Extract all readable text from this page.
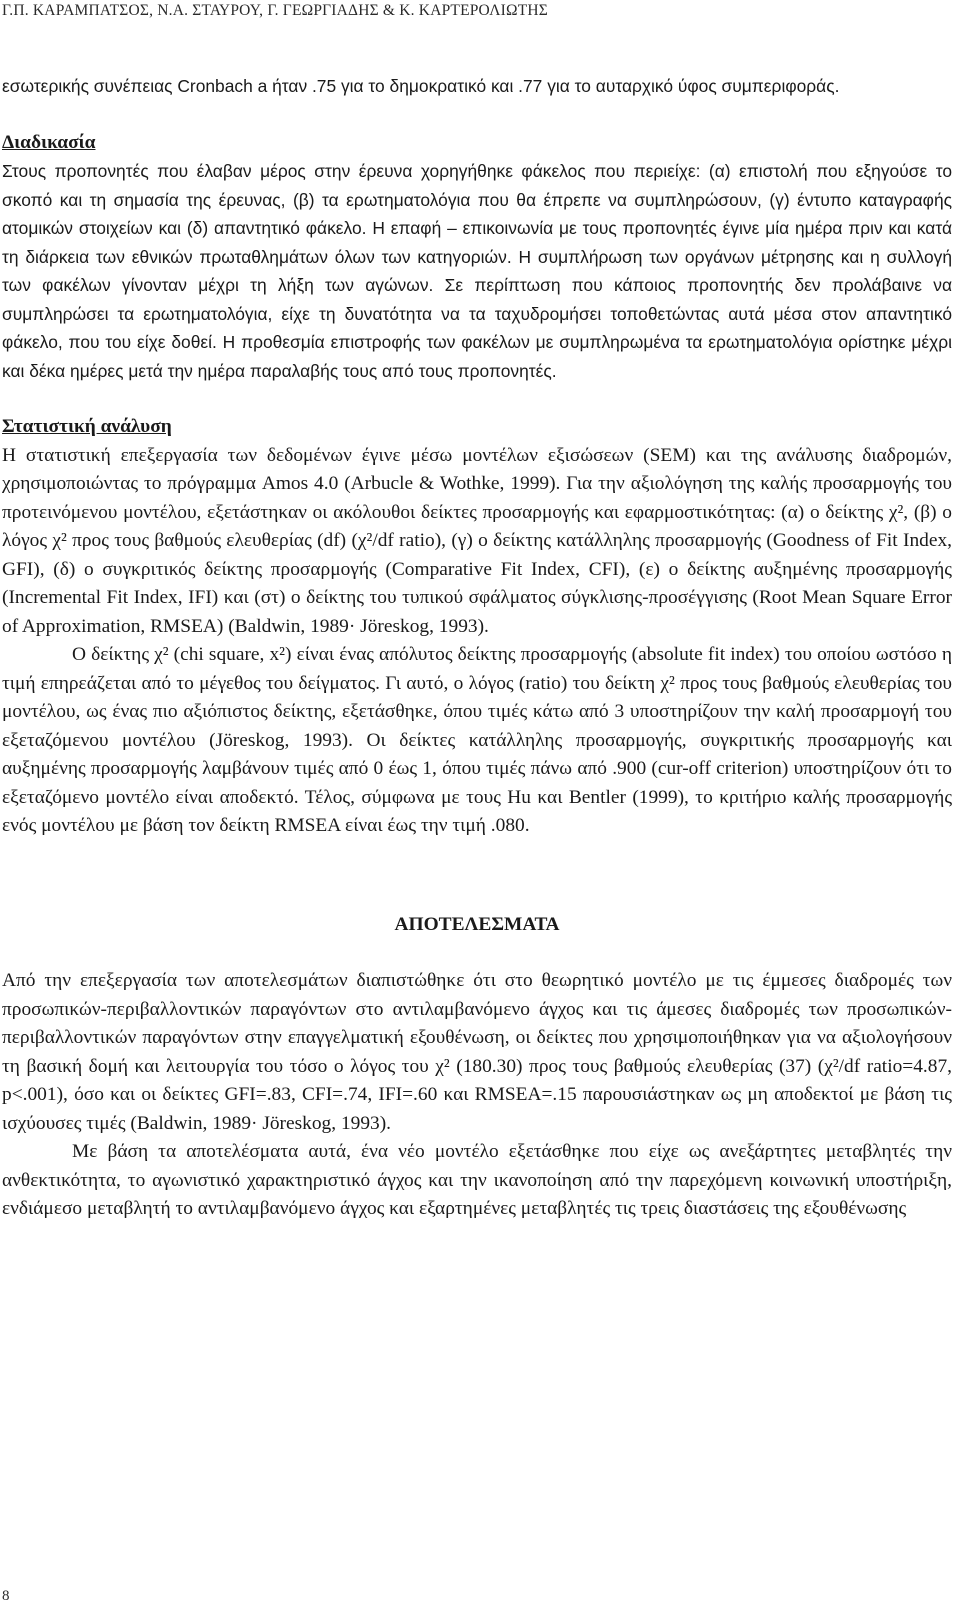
Γ.Π. ΚΑΡΑΜΠΑΤΣΟΣ, Ν.Α. ΣΤΑΥΡΟΥ, Γ. ΓΕΩΡΓΙΑΔΗΣ & Κ. ΚΑΡΤΕΡΟΛΙΩΤΗΣ

εσωτερικής συνέπειας Cronbach a ήταν .75 για το δημοκρατικό και .77 για το αυταρχικό ύφος συμπεριφοράς.

Διαδικασία

Στους προπονητές που έλαβαν μέρος στην έρευνα χορηγήθηκε φάκελος που περιείχε: (α) επιστολή που εξηγούσε το σκοπό και τη σημασία της έρευνας, (β) τα ερωτηματολόγια που θα έπρεπε να συμπληρώσουν, (γ) έντυπο καταγραφής ατομικών στοιχείων και (δ) απαντητικό φάκελο. Η επαφή – επικοινωνία με τους προπονητές έγινε μία ημέρα πριν και κατά τη διάρκεια των εθνικών πρωταθλημάτων όλων των κατηγοριών. Η συμπλήρωση των οργάνων μέτρησης και η συλλογή των φακέλων γίνονταν μέχρι τη λήξη των αγώνων. Σε περίπτωση που κάποιος προπονητής δεν προλάβαινε να συμπληρώσει τα ερωτηματολόγια, είχε τη δυνατότητα να τα ταχυδρομήσει τοποθετώντας αυτά μέσα στον απαντητικό φάκελο, που του είχε δοθεί. Η προθεσμία επιστροφής των φακέλων με συμπληρωμένα τα ερωτηματολόγια ορίστηκε μέχρι και δέκα ημέρες μετά την ημέρα παραλαβής τους από τους προπονητές.

Στατιστική ανάλυση

Η στατιστική επεξεργασία των δεδομένων έγινε μέσω μοντέλων εξισώσεων (SEM) και της ανάλυσης διαδρομών, χρησιμοποιώντας το πρόγραμμα Amos 4.0 (Arbucle & Wothke, 1999). Για την αξιολόγηση της καλής προσαρμογής του προτεινόμενου μοντέλου, εξετάστηκαν οι ακόλουθοι δείκτες προσαρμογής και εφαρμοστικότητας: (α) ο δείκτης χ², (β) ο λόγος χ² προς τους βαθμούς ελευθερίας (df) (χ²/df ratio), (γ) ο δείκτης κατάλληλης προσαρμογής (Goodness of Fit Index, GFI), (δ) ο συγκριτικός δείκτης προσαρμογής (Comparative Fit Index, CFI), (ε) ο δείκτης αυξημένης προσαρμογής (Incremental Fit Index, IFI) και (στ) ο δείκτης του τυπικού σφάλματος σύγκλισης-προσέγγισης (Root Mean Square Error of Approximation, RMSEA) (Baldwin, 1989· Jöreskog, 1993).

Ο δείκτης χ² (chi square, x²) είναι ένας απόλυτος δείκτης προσαρμογής (absolute fit index) του οποίου ωστόσο η τιμή επηρεάζεται από το μέγεθος του δείγματος. Γι αυτό, ο λόγος (ratio) του δείκτη χ² προς τους βαθμούς ελευθερίας του μοντέλου, ως ένας πιο αξιόπιστος δείκτης, εξετάσθηκε, όπου τιμές κάτω από 3 υποστηρίζουν την καλή προσαρμογή του εξεταζόμενου μοντέλου (Jöreskog, 1993). Οι δείκτες κατάλληλης προσαρμογής, συγκριτικής προσαρμογής και αυξημένης προσαρμογής λαμβάνουν τιμές από 0 έως 1, όπου τιμές πάνω από .900 (cur-off criterion) υποστηρίζουν ότι το εξεταζόμενο μοντέλο είναι αποδεκτό. Τέλος, σύμφωνα με τους Hu και Bentler (1999), το κριτήριο καλής προσαρμογής ενός μοντέλου με βάση τον δείκτη RMSEA είναι έως την τιμή .080.

ΑΠΟΤΕΛΕΣΜΑΤΑ

Από την επεξεργασία των αποτελεσμάτων διαπιστώθηκε ότι στο θεωρητικό μοντέλο με τις έμμεσες διαδρομές των προσωπικών-περιβαλλοντικών παραγόντων στο αντιλαμβανόμενο άγχος και τις άμεσες διαδρομές των προσωπικών-περιβαλλοντικών παραγόντων στην επαγγελματική εξουθένωση, οι δείκτες που χρησιμοποιήθηκαν για να αξιολογήσουν τη βασική δομή και λειτουργία του τόσο ο λόγος του χ² (180.30) προς τους βαθμούς ελευθερίας (37) (χ²/df ratio=4.87, p<.001), όσο και οι δείκτες GFI=.83, CFI=.74, IFI=.60 και RMSEA=.15 παρουσιάστηκαν ως μη αποδεκτοί με βάση τις ισχύουσες τιμές (Baldwin, 1989· Jöreskog, 1993).

Με βάση τα αποτελέσματα αυτά, ένα νέο μοντέλο εξετάσθηκε που είχε ως ανεξάρτητες μεταβλητές την ανθεκτικότητα, το αγωνιστικό χαρακτηριστικό άγχος και την ικανοποίηση από την παρεχόμενη κοινωνική υποστήριξη, ενδιάμεσο μεταβλητή το αντιλαμβανόμενο άγχος και εξαρτημένες μεταβλητές τις τρεις διαστάσεις της εξουθένωσης

8
